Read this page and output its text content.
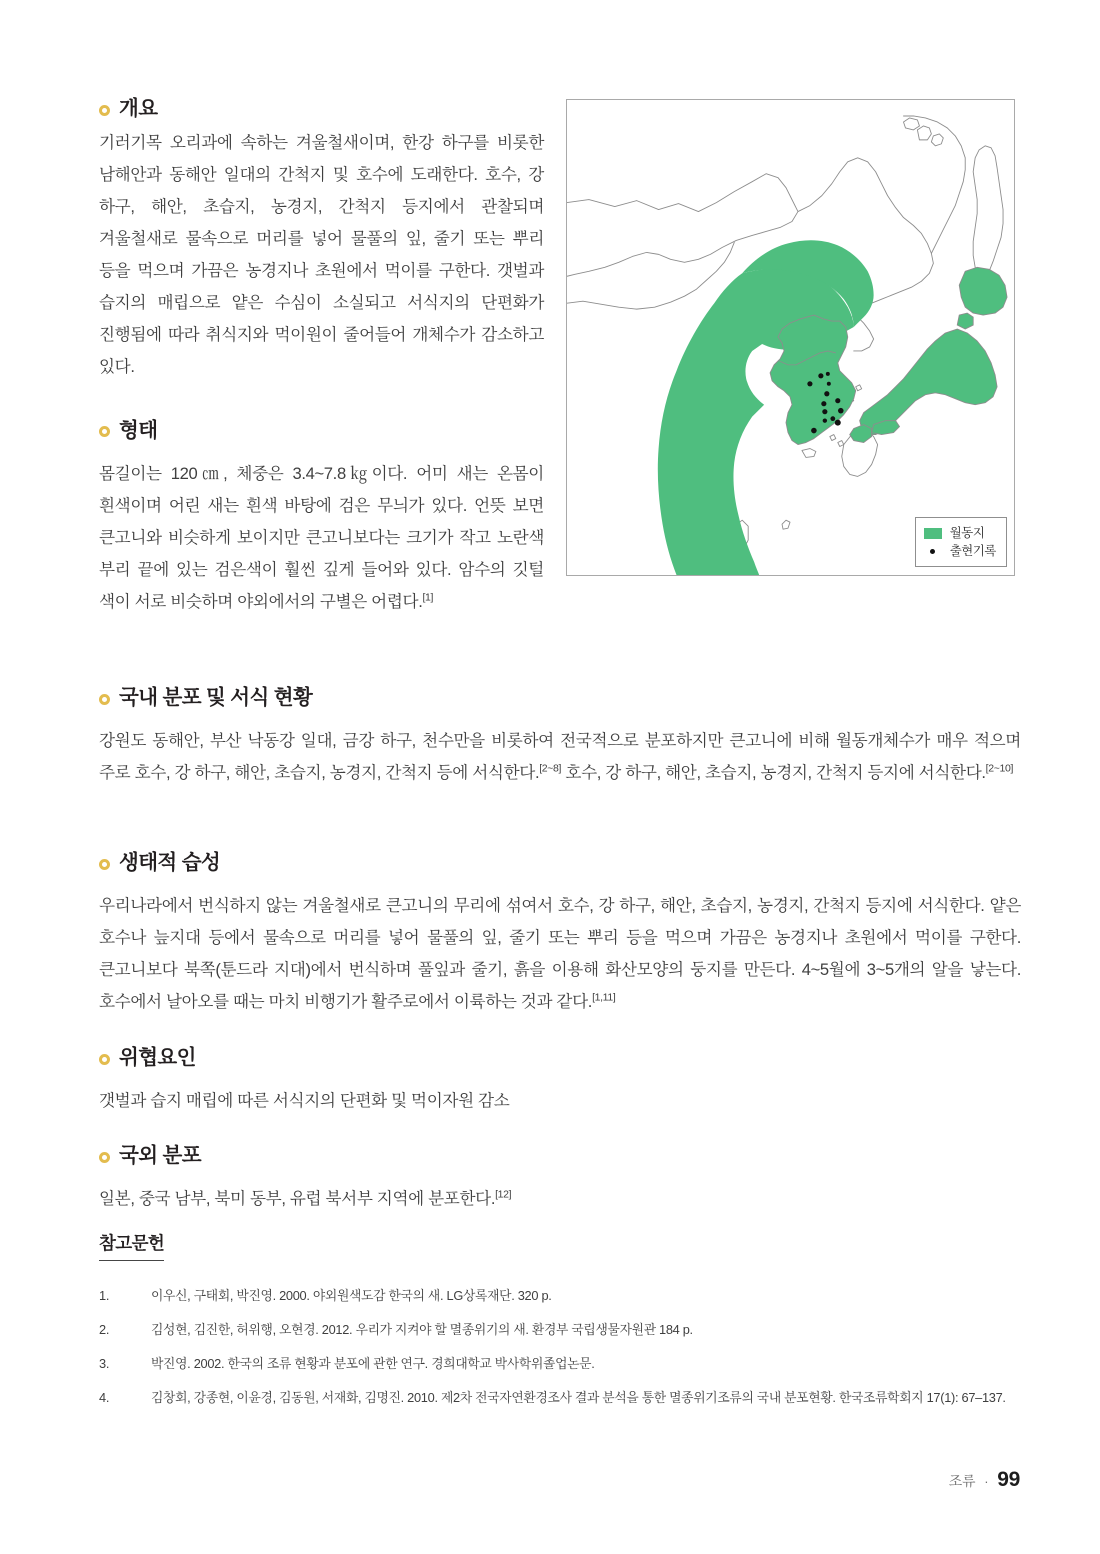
개요

기러기목 오리과에 속하는 겨울철새이며, 한강 하구를 비롯한 남해안과 동해안 일대의 간척지 및 호수에 도래한다. 호수, 강 하구, 해안, 초습지, 농경지, 간척지 등지에서 관찰되며 겨울철새로 물속으로 머리를 넣어 물풀의 잎, 줄기 또는 뿌리 등을 먹으며 가끔은 농경지나 초원에서 먹이를 구한다. 갯벌과 습지의 매립으로 얕은 수심이 소실되고 서식지의 단편화가 진행됨에 따라 취식지와 먹이원이 줄어들어 개체수가 감소하고 있다.

형태

몸길이는 120㎝, 체중은 3.4~7.8㎏이다. 어미 새는 온몸이 흰색이며 어린 새는 흰색 바탕에 검은 무늬가 있다. 언뜻 보면 큰고니와 비슷하게 보이지만 큰고니보다는 크기가 작고 노란색 부리 끝에 있는 검은색이 훨씬 깊게 들어와 있다. 암수의 깃털 색이 서로 비슷하며 야외에서의 구별은 어렵다.[1]

월동지
출현기록
국내 분포 및 서식 현황

강원도 동해안, 부산 낙동강 일대, 금강 하구, 천수만을 비롯하여 전국적으로 분포하지만 큰고니에 비해 월동개체수가 매우 적으며 주로 호수, 강 하구, 해안, 초습지, 농경지, 간척지 등에 서식한다.[2~8] 호수, 강 하구, 해안, 초습지, 농경지, 간척지 등지에 서식한다.[2~10]

생태적 습성

우리나라에서 번식하지 않는 겨울철새로 큰고니의 무리에 섞여서 호수, 강 하구, 해안, 초습지, 농경지, 간척지 등지에 서식한다. 얕은 호수나 늪지대 등에서 물속으로 머리를 넣어 물풀의 잎, 줄기 또는 뿌리 등을 먹으며 가끔은 농경지나 초원에서 먹이를 구한다. 큰고니보다 북쪽(툰드라 지대)에서 번식하며 풀잎과 줄기, 흙을 이용해 화산모양의 둥지를 만든다. 4~5월에 3~5개의 알을 낳는다. 호수에서 날아오를 때는 마치 비행기가 활주로에서 이륙하는 것과 같다.[1,11]

위협요인

갯벌과 습지 매립에 따른 서식지의 단편화 및 먹이자원 감소

국외 분포

일본, 중국 남부, 북미 동부, 유럽 북서부 지역에 분포한다.[12]

참고문헌
1.	이우신, 구태회, 박진영. 2000. 야외원색도감 한국의 새. LG상록재단. 320 p.
2.	김성현, 김진한, 허위행, 오현경. 2012. 우리가 지켜야 할 멸종위기의 새. 환경부 국립생물자원관 184 p.
3.	박진영. 2002. 한국의 조류 현황과 분포에 관한 연구. 경희대학교 박사학위졸업논문.
4.	김창회, 강종현, 이윤경, 김동원, 서재화, 김명진. 2010. 제2차 전국자연환경조사 결과 분석을 통한 멸종위기조류의 국내 분포현황. 한국조류학회지 17(1): 67–137.
조류 · 99
